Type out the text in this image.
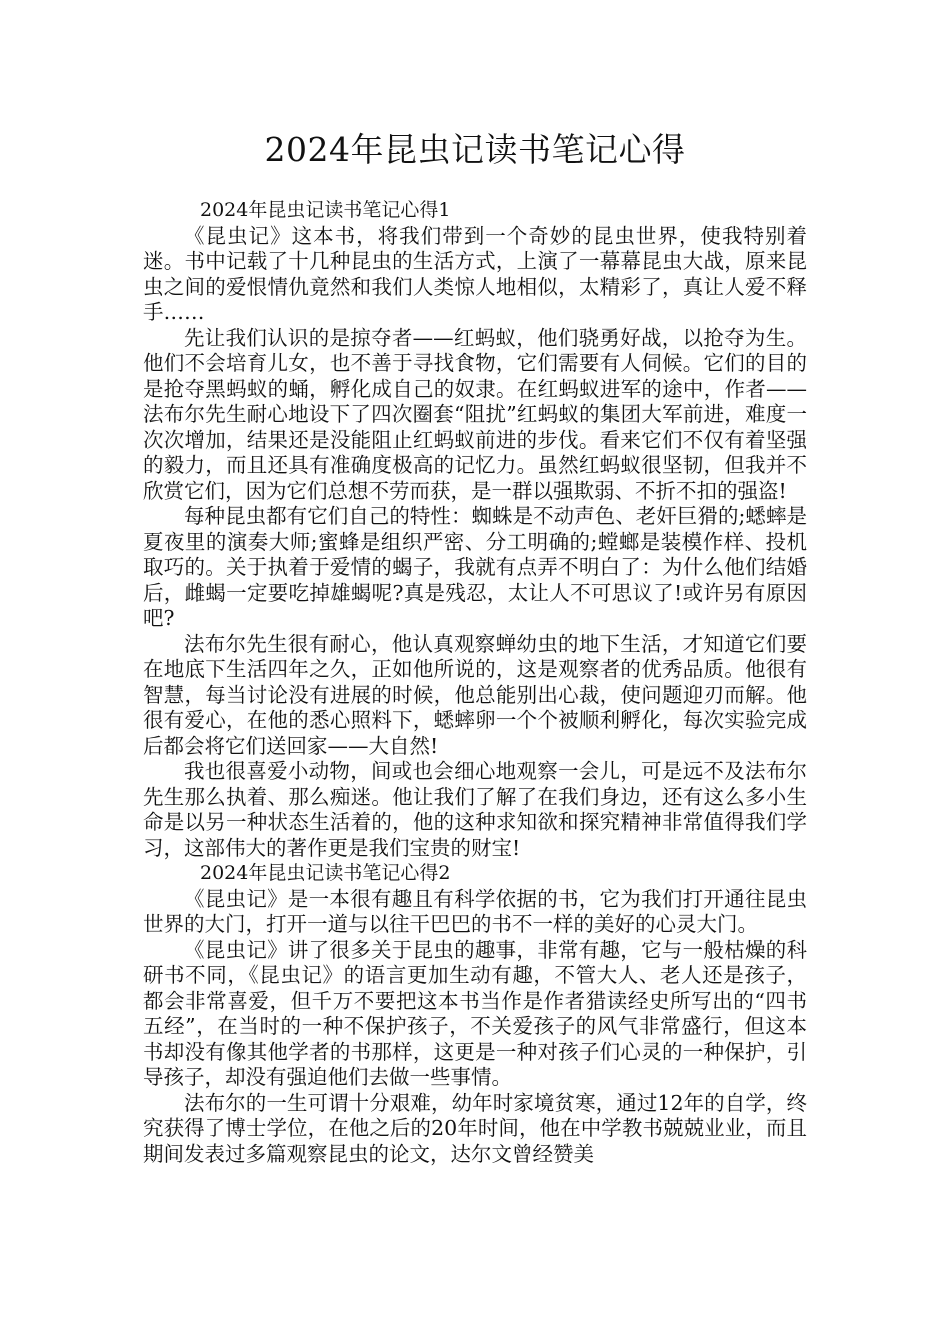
2024年昆虫记读书笔记心得

2024年昆虫记读书笔记心得1

《昆虫记》这本书，将我们带到一个奇妙的昆虫世界，使我特别着迷。书中记载了十几种昆虫的生活方式，上演了一幕幕昆虫大战，原来昆虫之间的爱恨情仇竟然和我们人类惊人地相似，太精彩了，真让人爱不释手……

先让我们认识的是掠夺者——红蚂蚁，他们骁勇好战，以抢夺为生。他们不会培育儿女，也不善于寻找食物，它们需要有人伺候。它们的目的是抢夺黑蚂蚁的蛹，孵化成自己的奴隶。在红蚂蚁进军的途中，作者——法布尔先生耐心地设下了四次圈套“阻扰”红蚂蚁的集团大军前进，难度一次次增加，结果还是没能阻止红蚂蚁前进的步伐。看来它们不仅有着坚强的毅力，而且还具有准确度极高的记忆力。虽然红蚂蚁很坚韧，但我并不欣赏它们，因为它们总想不劳而获，是一群以强欺弱、不折不扣的强盗!

每种昆虫都有它们自己的特性：蜘蛛是不动声色、老奸巨猾的;蟋蟀是夏夜里的演奏大师;蜜蜂是组织严密、分工明确的;螳螂是装模作样、投机取巧的。关于执着于爱情的蝎子，我就有点弄不明白了：为什么他们结婚后，雌蝎一定要吃掉雄蝎呢?真是残忍，太让人不可思议了!或许另有原因吧?

法布尔先生很有耐心，他认真观察蝉幼虫的地下生活，才知道它们要在地底下生活四年之久，正如他所说的，这是观察者的优秀品质。他很有智慧，每当讨论没有进展的时候，他总能别出心裁，使问题迎刃而解。他很有爱心，在他的悉心照料下，蟋蟀卵一个个被顺利孵化，每次实验完成后都会将它们送回家——大自然!

我也很喜爱小动物，间或也会细心地观察一会儿，可是远不及法布尔先生那么执着、那么痴迷。他让我们了解了在我们身边，还有这么多小生命是以另一种状态生活着的，他的这种求知欲和探究精神非常值得我们学习，这部伟大的著作更是我们宝贵的财宝!

2024年昆虫记读书笔记心得2

《昆虫记》是一本很有趣且有科学依据的书，它为我们打开通往昆虫世界的大门，打开一道与以往干巴巴的书不一样的美好的心灵大门。

《昆虫记》讲了很多关于昆虫的趣事，非常有趣，它与一般枯燥的科研书不同，《昆虫记》的语言更加生动有趣，不管大人、老人还是孩子，都会非常喜爱，但千万不要把这本书当作是作者猎读经史所写出的“四书五经”，在当时的一种不保护孩子，不关爱孩子的风气非常盛行，但这本书却没有像其他学者的书那样，这更是一种对孩子们心灵的一种保护，引导孩子，却没有强迫他们去做一些事情。

法布尔的一生可谓十分艰难，幼年时家境贫寒，通过12年的自学，终究获得了博士学位，在他之后的20年时间，他在中学教书兢兢业业，而且期间发表过多篇观察昆虫的论文，达尔文曾经赞美
